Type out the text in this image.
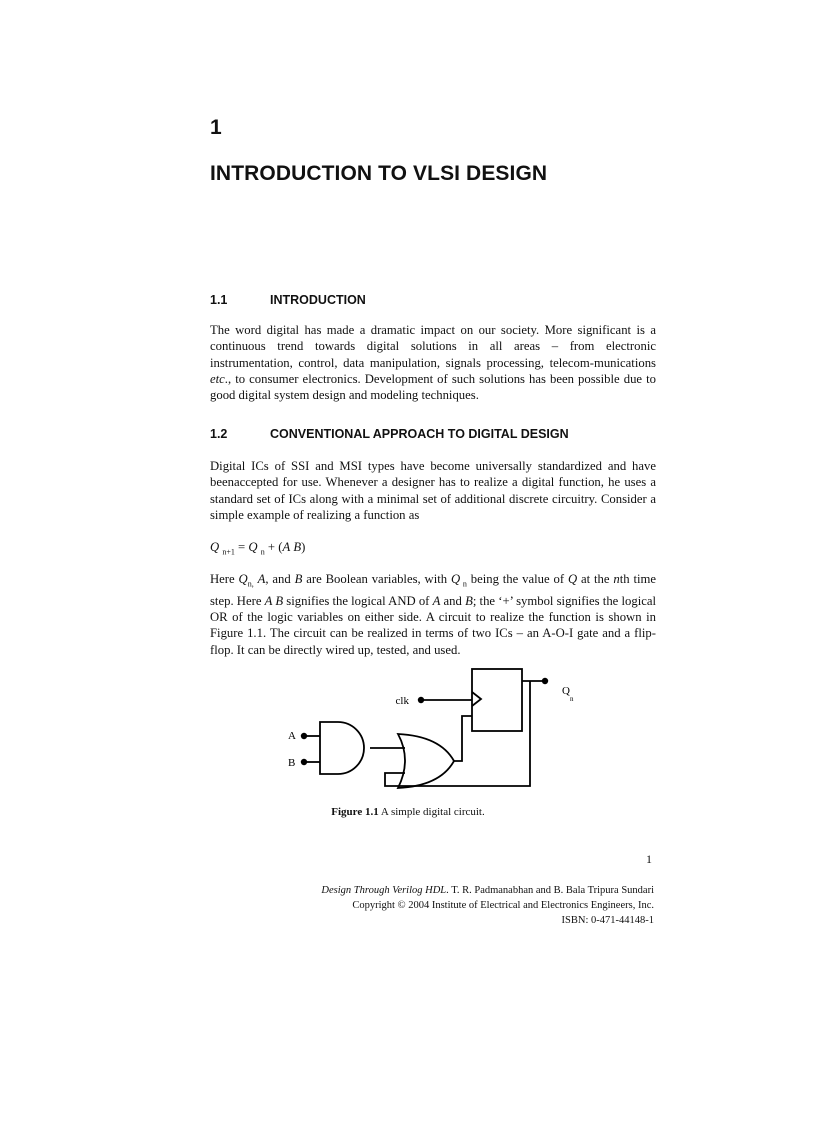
1
INTRODUCTION TO VLSI DESIGN
1.1	INTRODUCTION
The word digital has made a dramatic impact on our society. More significant is a continuous trend towards digital solutions in all areas – from electronic instrumentation, control, data manipulation, signals processing, telecom-munications etc., to consumer electronics. Development of such solutions has been possible due to good digital system design and modeling techniques.
1.2	CONVENTIONAL APPROACH TO DIGITAL DESIGN
Digital ICs of SSI and MSI types have become universally standardized and have beenaccepted for use. Whenever a designer has to realize a digital function, he uses a standard set of ICs along with a minimal set of additional discrete circuitry. Consider a simple example of realizing a function as
Q $_{n+1}$ = Q $_n$ + (A B)
Here $Q_{n,}$ A, and B are Boolean variables, with Q $_n$ being the value of Q at the nth time step. Here A B signifies the logical AND of A and B; the ‘+’ symbol signifies the logical OR of the logic variables on either side. A circuit to realize the function is shown in Figure 1.1. The circuit can be realized in terms of two ICs – an A-O-I gate and a flip-flop. It can be directly wired up, tested, and used.
clk
Q
n
A
B
Figure 1.1 A simple digital circuit.
1
Design Through Verilog HDL. T. R. Padmanabhan and B. Bala Tripura Sundari
Copyright © 2004 Institute of Electrical and Electronics Engineers, Inc.
ISBN: 0-471-44148-1
